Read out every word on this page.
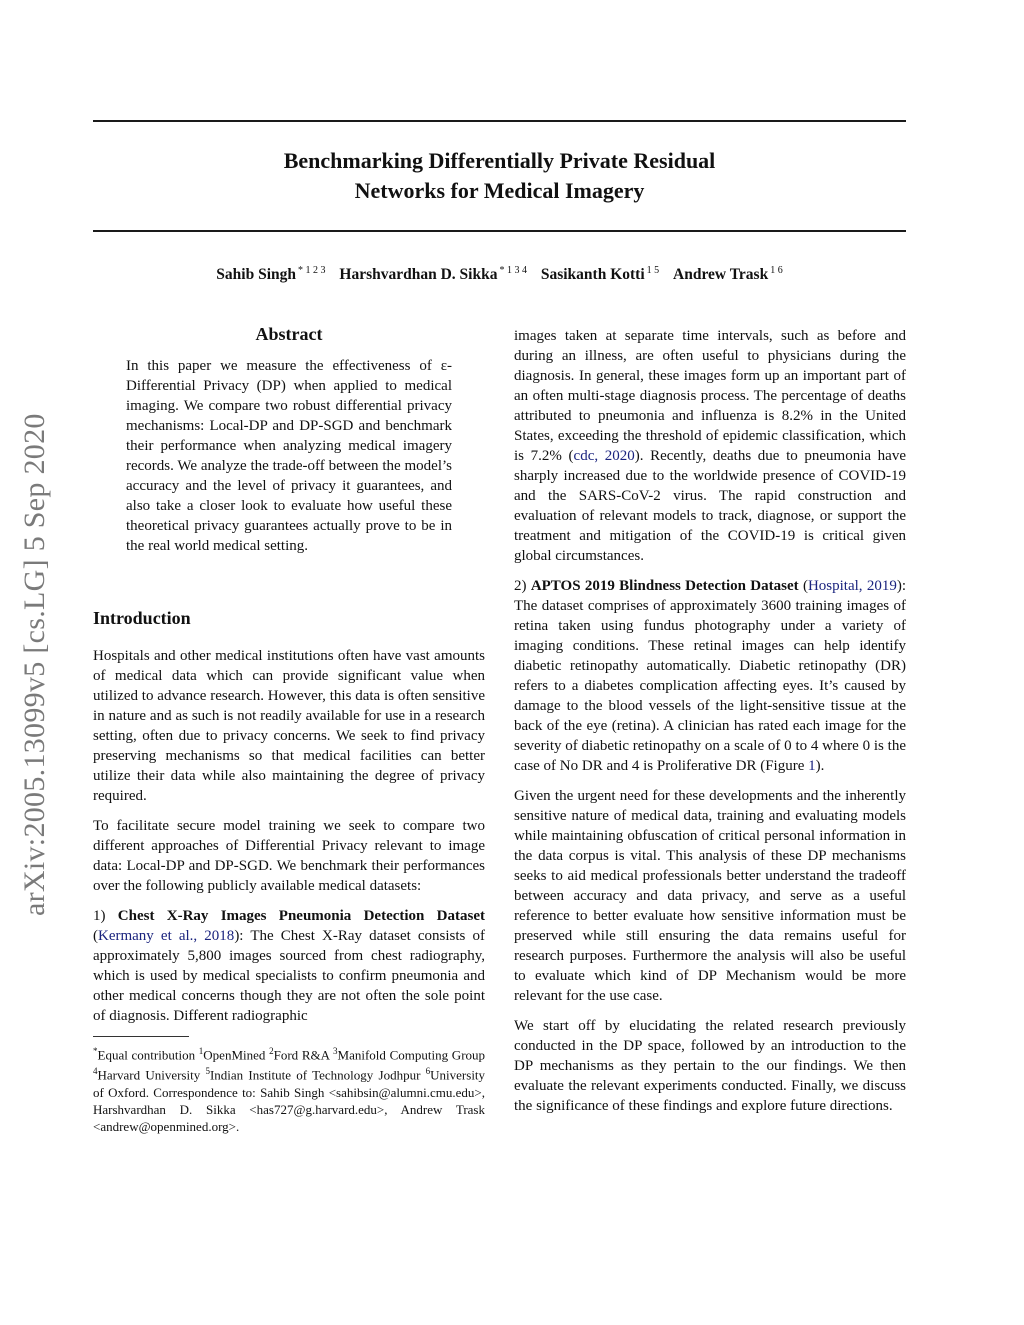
arXiv:2005.13099v5 [cs.LG] 5 Sep 2020
Benchmarking Differentially Private Residual
Networks for Medical Imagery
Sahib Singh $^{* 1 2 3}$ Harshvardhan D. Sikka $^{* 1 3 4}$ Sasikanth Kotti $^{1 5}$ Andrew Trask $^{1 6}$
Abstract
In this paper we measure the effectiveness of ε-Differential Privacy (DP) when applied to medical imaging. We compare two robust differential privacy mechanisms: Local-DP and DP-SGD and benchmark their performance when analyzing medical imagery records. We analyze the trade-off between the model’s accuracy and the level of privacy it guarantees, and also take a closer look to evaluate how useful these theoretical privacy guarantees actually prove to be in the real world medical setting.
Introduction

Hospitals and other medical institutions often have vast amounts of medical data which can provide significant value when utilized to advance research. However, this data is often sensitive in nature and as such is not readily available for use in a research setting, often due to privacy concerns. We seek to find privacy preserving mechanisms so that medical facilities can better utilize their data while also maintaining the degree of privacy required.

To facilitate secure model training we seek to compare two different approaches of Differential Privacy relevant to image data: Local-DP and DP-SGD. We benchmark their performances over the following publicly available medical datasets:

1) Chest X-Ray Images Pneumonia Detection Dataset (Kermany et al., 2018): The Chest X-Ray dataset consists of approximately 5,800 images sourced from chest radiography, which is used by medical specialists to confirm pneumonia and other medical concerns though they are not often the sole point of diagnosis. Different radiographic

*Equal contribution $^1$OpenMined $^2$Ford R&A $^3$Manifold Computing Group $^4$Harvard University $^5$Indian Institute of Technology Jodhpur $^6$University of Oxford. Correspondence to: Sahib Singh <sahibsin@alumni.cmu.edu>, Harshvardhan D. Sikka <has727@g.harvard.edu>, Andrew Trask <andrew@openmined.org>.

images taken at separate time intervals, such as before and during an illness, are often useful to physicians during the diagnosis. In general, these images form up an important part of an often multi-stage diagnosis process. The percentage of deaths attributed to pneumonia and influenza is 8.2% in the United States, exceeding the threshold of epidemic classification, which is 7.2% (cdc, 2020). Recently, deaths due to pneumonia have sharply increased due to the worldwide presence of COVID-19 and the SARS-CoV-2 virus. The rapid construction and evaluation of relevant models to track, diagnose, or support the treatment and mitigation of the COVID-19 is critical given global circumstances.

2) APTOS 2019 Blindness Detection Dataset (Hospital, 2019): The dataset comprises of approximately 3600 training images of retina taken using fundus photography under a variety of imaging conditions. These retinal images can help identify diabetic retinopathy automatically. Diabetic retinopathy (DR) refers to a diabetes complication affecting eyes. It’s caused by damage to the blood vessels of the light-sensitive tissue at the back of the eye (retina). A clinician has rated each image for the severity of diabetic retinopathy on a scale of 0 to 4 where 0 is the case of No DR and 4 is Proliferative DR (Figure 1).

Given the urgent need for these developments and the inherently sensitive nature of medical data, training and evaluating models while maintaining obfuscation of critical personal information in the data corpus is vital. This analysis of these DP mechanisms seeks to aid medical professionals better understand the tradeoff between accuracy and data privacy, and serve as a useful reference to better evaluate how sensitive information must be preserved while still ensuring the data remains useful for research purposes. Furthermore the analysis will also be useful to evaluate which kind of DP Mechanism would be more relevant for the use case.

We start off by elucidating the related research previously conducted in the DP space, followed by an introduction to the DP mechanisms as they pertain to the our findings. We then evaluate the relevant experiments conducted. Finally, we discuss the significance of these findings and explore future directions.
